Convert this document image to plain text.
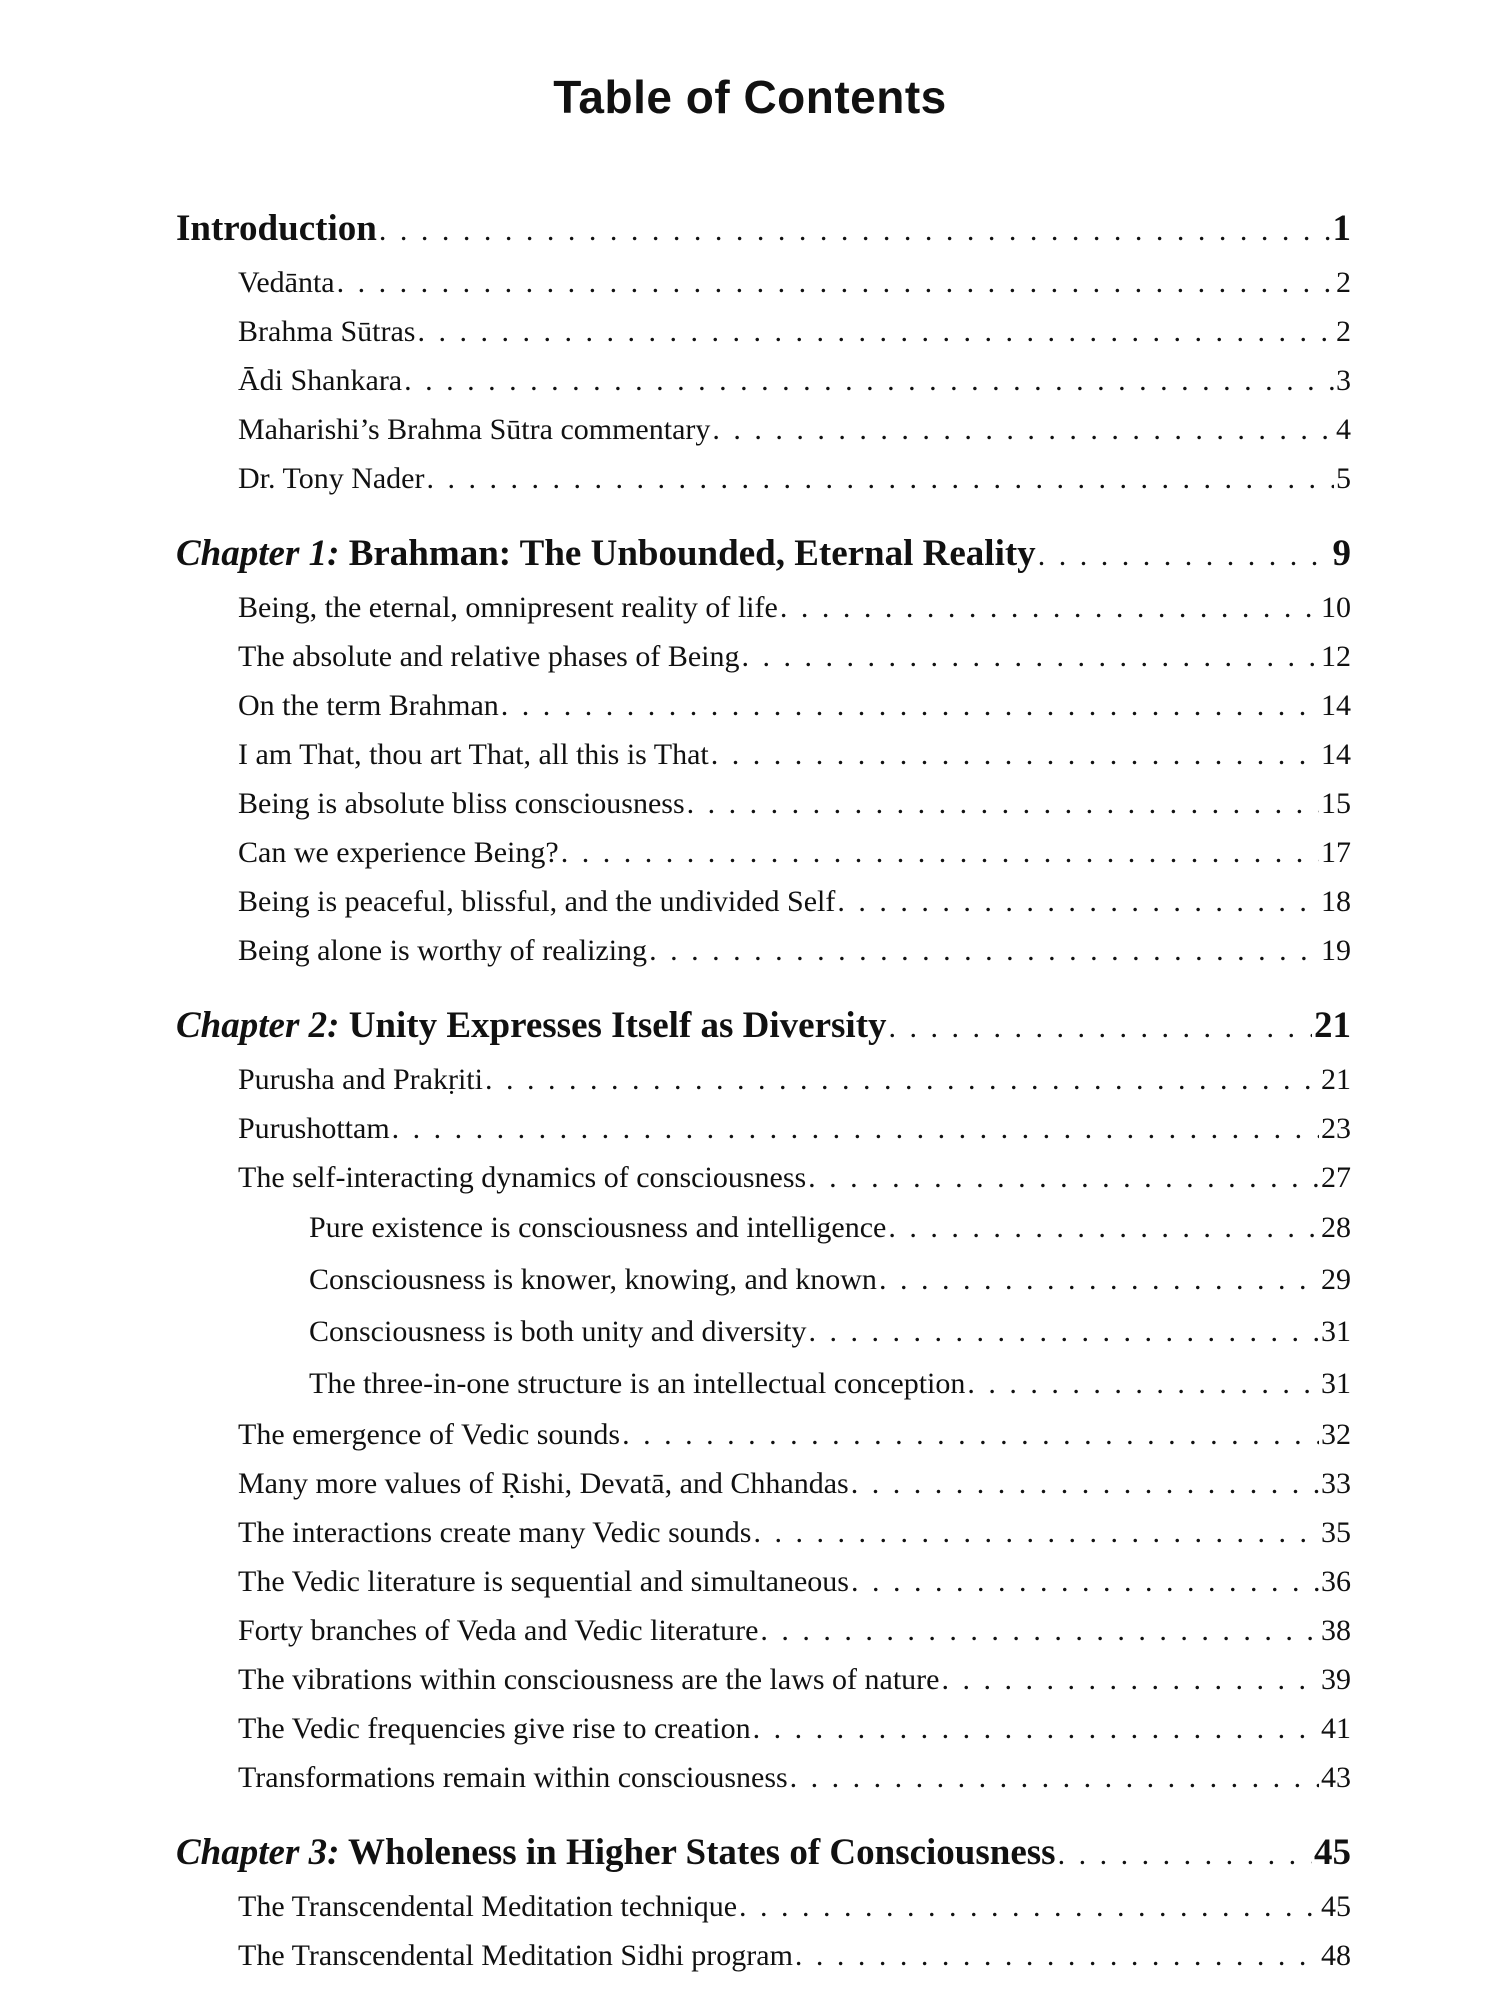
Table of Contents
Introduction . . .	1
Vedānta . . .	2
Brahma Sūtras . . .	2
Ādi Shankara . . .	3
Maharishi’s Brahma Sūtra commentary . . .	4
Dr. Tony Nader . . .	5
Chapter 1: Brahman: The Unbounded, Eternal Reality . . .	9
Being, the eternal, omnipresent reality of life . . .	10
The absolute and relative phases of Being . . .	12
On the term Brahman . . .	14
I am That, thou art That, all this is That . . .	14
Being is absolute bliss consciousness . . .	15
Can we experience Being? . . .	17
Being is peaceful, blissful, and the undivided Self . . .	18
Being alone is worthy of realizing . . .	19
Chapter 2: Unity Expresses Itself as Diversity . . .	21
Purusha and Prakṛiti . . .	21
Purushottam . . .	23
The self-interacting dynamics of consciousness . . .	27
Pure existence is consciousness and intelligence . . .	28
Consciousness is knower, knowing, and known . . .	29
Consciousness is both unity and diversity . . .	31
The three-in-one structure is an intellectual conception . . .	31
The emergence of Vedic sounds . . .	32
Many more values of Ṛishi, Devatā, and Chhandas . . .	33
The interactions create many Vedic sounds . . .	35
The Vedic literature is sequential and simultaneous . . .	36
Forty branches of Veda and Vedic literature . . .	38
The vibrations within consciousness are the laws of nature . . .	39
The Vedic frequencies give rise to creation . . .	41
Transformations remain within consciousness . . .	43
Chapter 3: Wholeness in Higher States of Consciousness . . .	45
The Transcendental Meditation technique . . .	45
The Transcendental Meditation Sidhi program . . .	48
